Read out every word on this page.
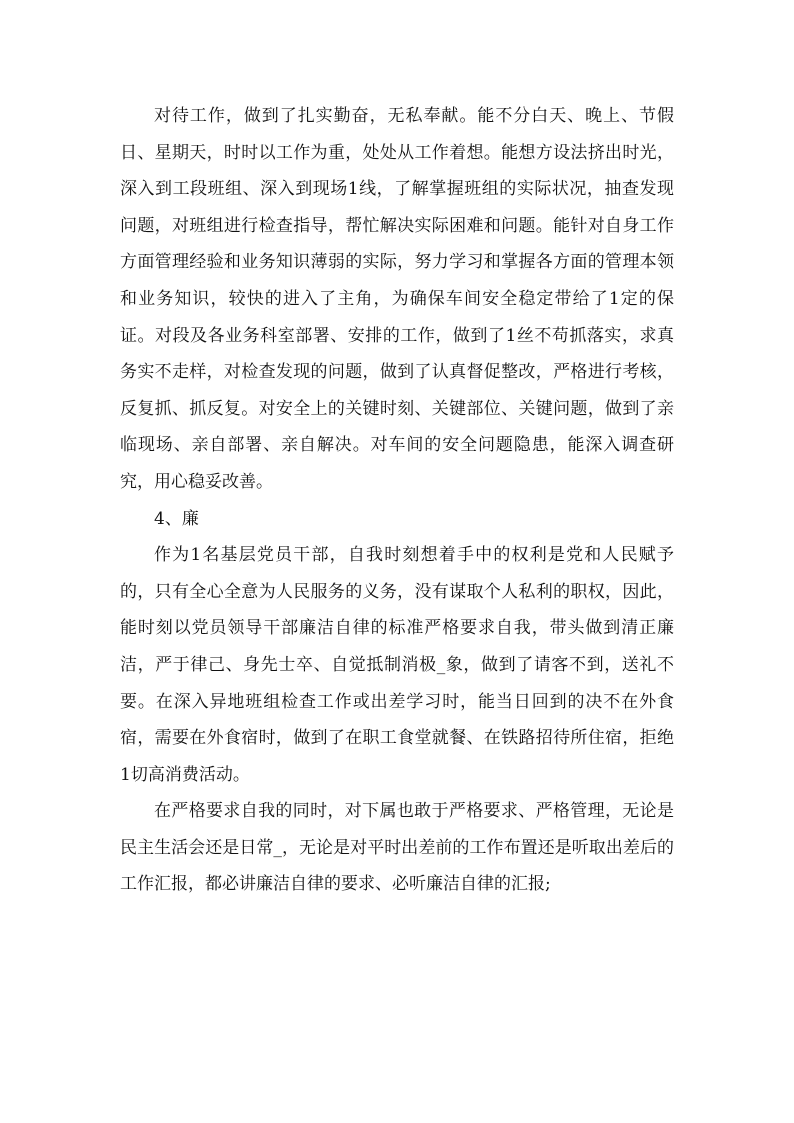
对待工作，做到了扎实勤奋，无私奉献。能不分白天、晚上、节假日、星期天，时时以工作为重，处处从工作着想。能想方设法挤出时光，深入到工段班组、深入到现场1线，了解掌握班组的实际状况，抽查发现问题，对班组进行检查指导，帮忙解决实际困难和问题。能针对自身工作方面管理经验和业务知识薄弱的实际，努力学习和掌握各方面的管理本领和业务知识，较快的进入了主角，为确保车间安全稳定带给了1定的保证。对段及各业务科室部署、安排的工作，做到了1丝不苟抓落实，求真务实不走样，对检查发现的问题，做到了认真督促整改，严格进行考核，反复抓、抓反复。对安全上的关键时刻、关键部位、关键问题，做到了亲临现场、亲自部署、亲自解决。对车间的安全问题隐患，能深入调查研究，用心稳妥改善。

4、廉

作为1名基层党员干部，自我时刻想着手中的权利是党和人民赋予的，只有全心全意为人民服务的义务，没有谋取个人私利的职权，因此，能时刻以党员领导干部廉洁自律的标准严格要求自我，带头做到清正廉洁，严于律己、身先士卒、自觉抵制消极_象，做到了请客不到，送礼不要。在深入异地班组检查工作或出差学习时，能当日回到的决不在外食宿，需要在外食宿时，做到了在职工食堂就餐、在铁路招待所住宿，拒绝1切高消费活动。

在严格要求自我的同时，对下属也敢于严格要求、严格管理，无论是民主生活会还是日常_，无论是对平时出差前的工作布置还是听取出差后的工作汇报，都必讲廉洁自律的要求、必听廉洁自律的汇报;
